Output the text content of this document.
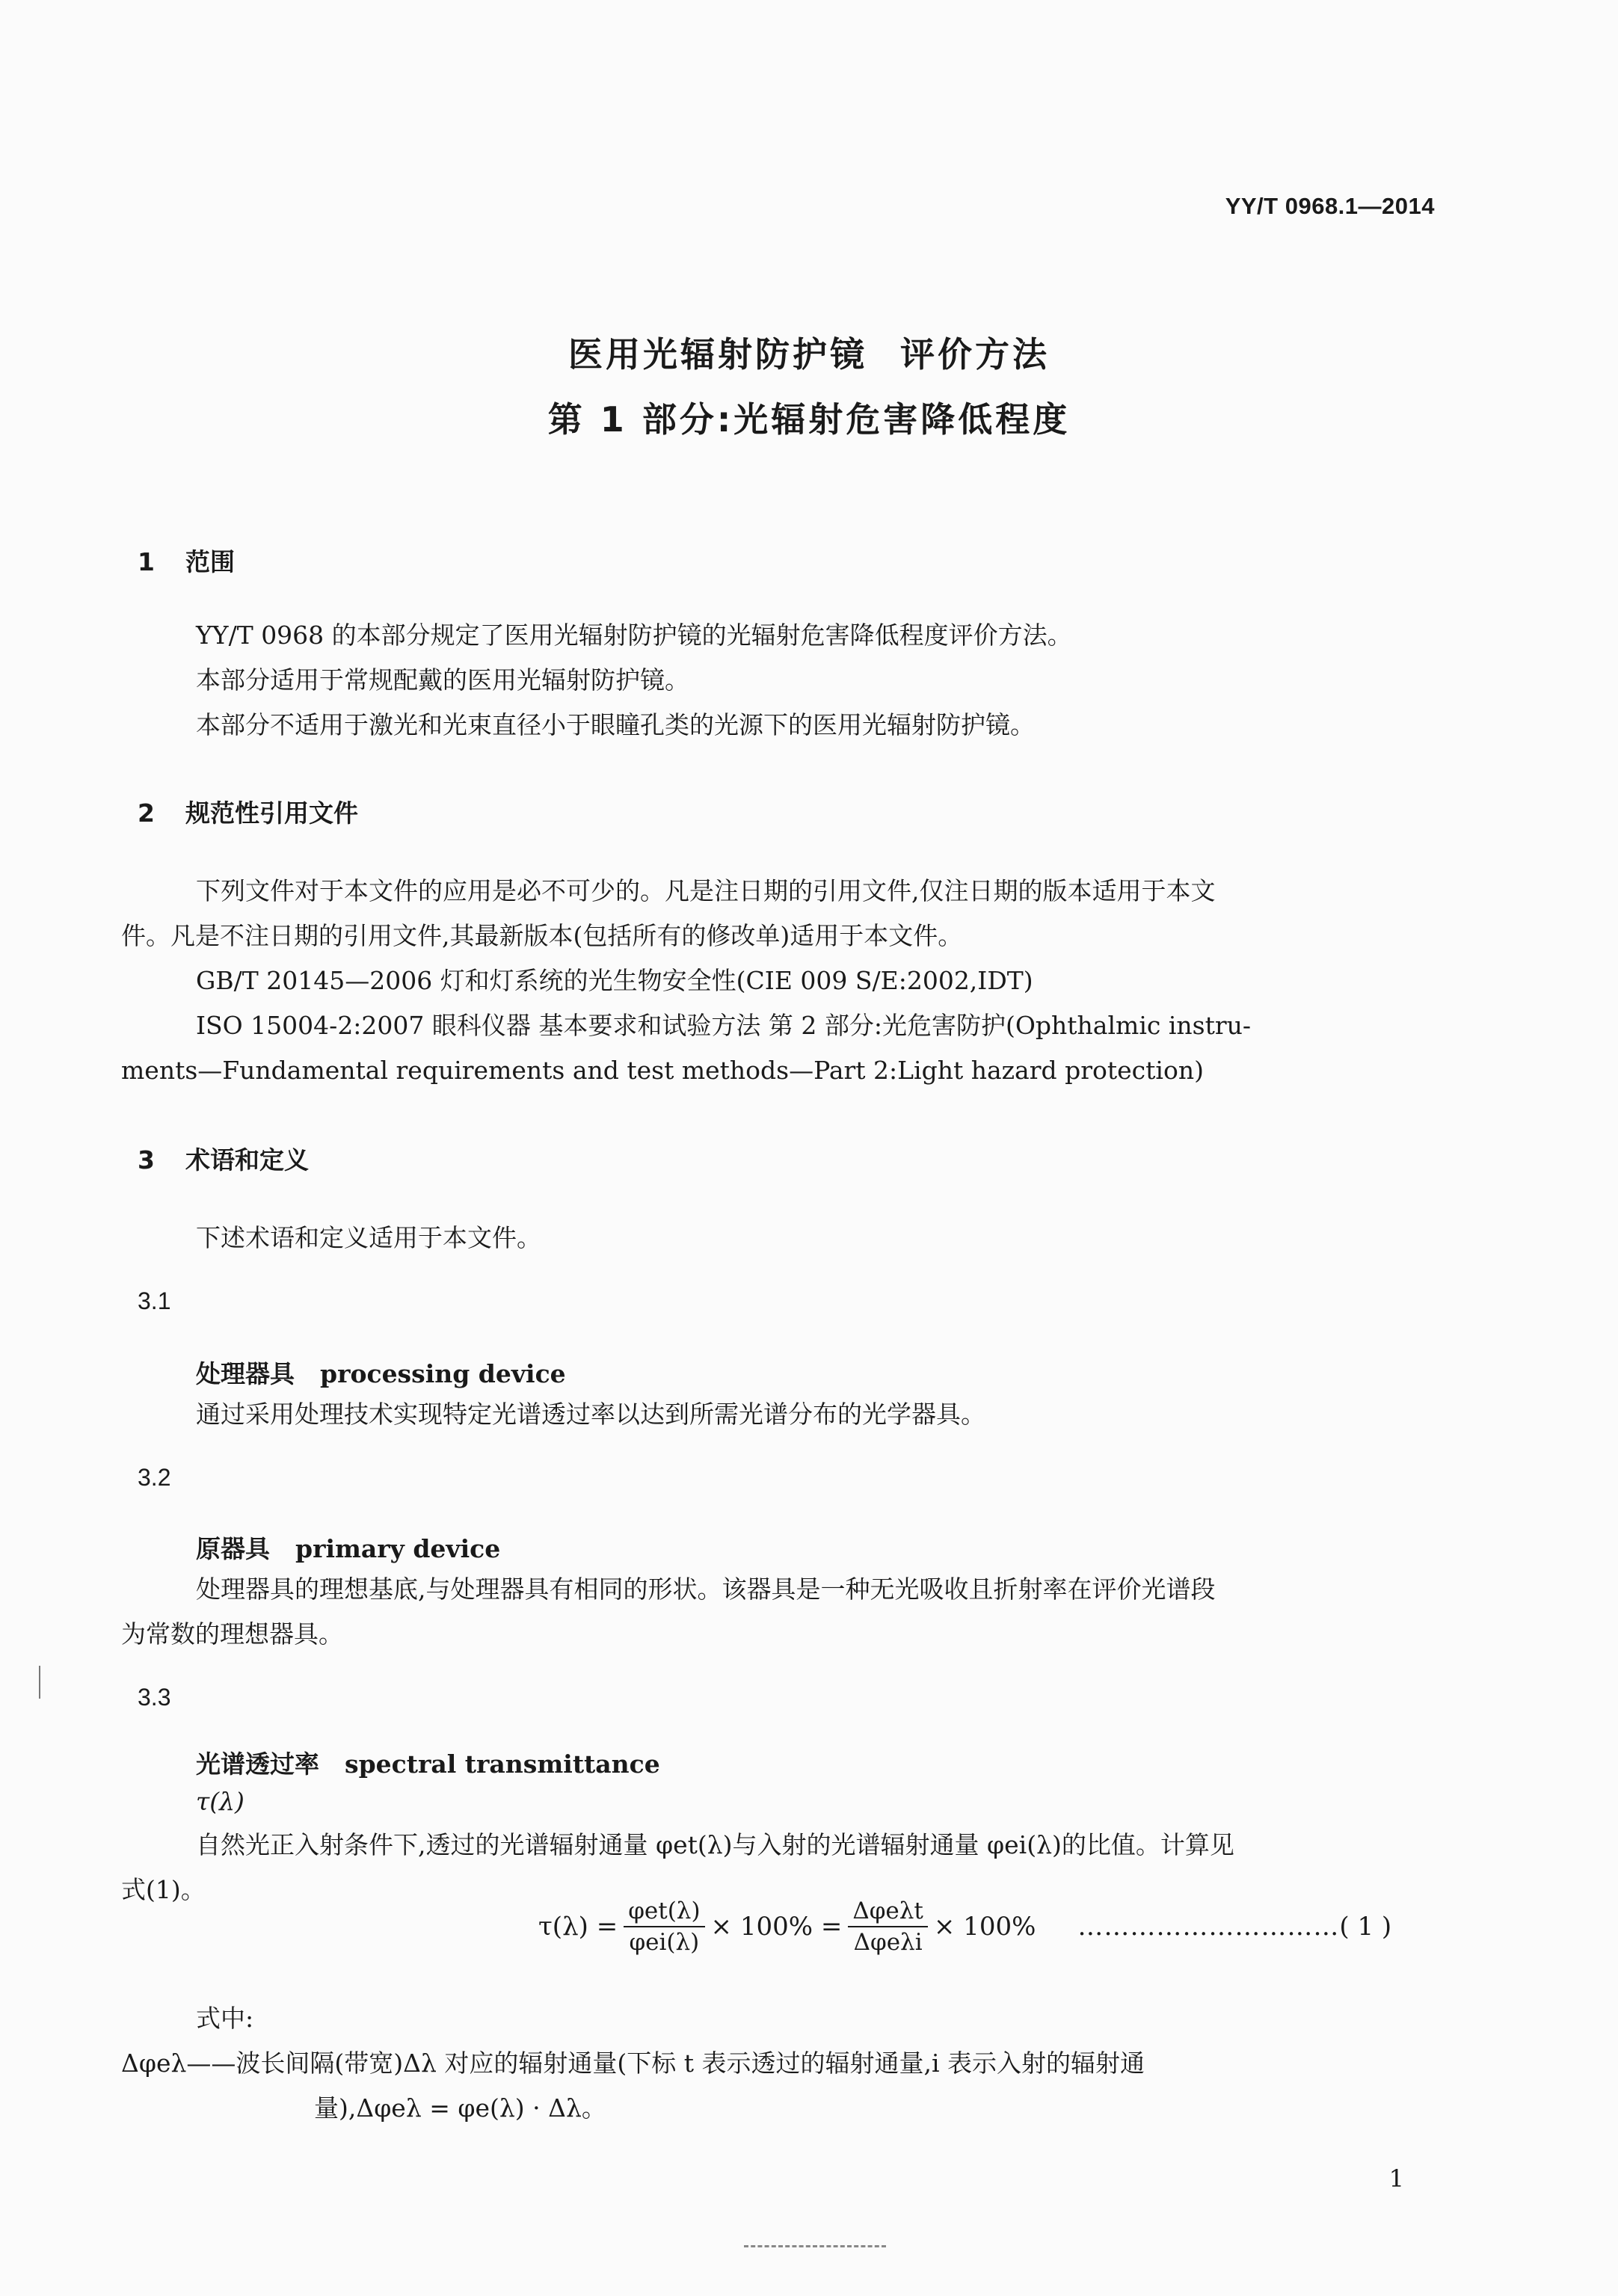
YY/T 0968.1—2014
医用光辐射防护镜 评价方法
第 1 部分:光辐射危害降低程度
1 范围
YY/T 0968 的本部分规定了医用光辐射防护镜的光辐射危害降低程度评价方法。
本部分适用于常规配戴的医用光辐射防护镜。
本部分不适用于激光和光束直径小于眼瞳孔类的光源下的医用光辐射防护镜。
2 规范性引用文件
下列文件对于本文件的应用是必不可少的。凡是注日期的引用文件,仅注日期的版本适用于本文
件。凡是不注日期的引用文件,其最新版本(包括所有的修改单)适用于本文件。
GB/T 20145—2006 灯和灯系统的光生物安全性(CIE 009 S/E:2002,IDT)
ISO 15004-2:2007 眼科仪器 基本要求和试验方法 第 2 部分:光危害防护(Ophthalmic instru-
ments—Fundamental requirements and test methods—Part 2:Light hazard protection)
3 术语和定义
下述术语和定义适用于本文件。
3.1
处理器具 processing device
通过采用处理技术实现特定光谱透过率以达到所需光谱分布的光学器具。
3.2
原器具 primary device
处理器具的理想基底,与处理器具有相同的形状。该器具是一种无光吸收且折射率在评价光谱段
为常数的理想器具。
3.3
光谱透过率 spectral transmittance
τ(λ)
自然光正入射条件下,透过的光谱辐射通量 φet(λ)与入射的光谱辐射通量 φei(λ)的比值。计算见
式(1)。
$\tau(\lambda) = \frac{\text{φet(λ)}}{\text{φei(λ)}} \times 100\% = \frac{\text{Δφeλt}}{\text{Δφeλi}} \times 100\%$ ………………………… ( 1 )
式中:
Δφeλ——波长间隔(带宽)Δλ 对应的辐射通量(下标 t 表示透过的辐射通量,i 表示入射的辐射通
量),Δφeλ = φe(λ) · Δλ。
1
